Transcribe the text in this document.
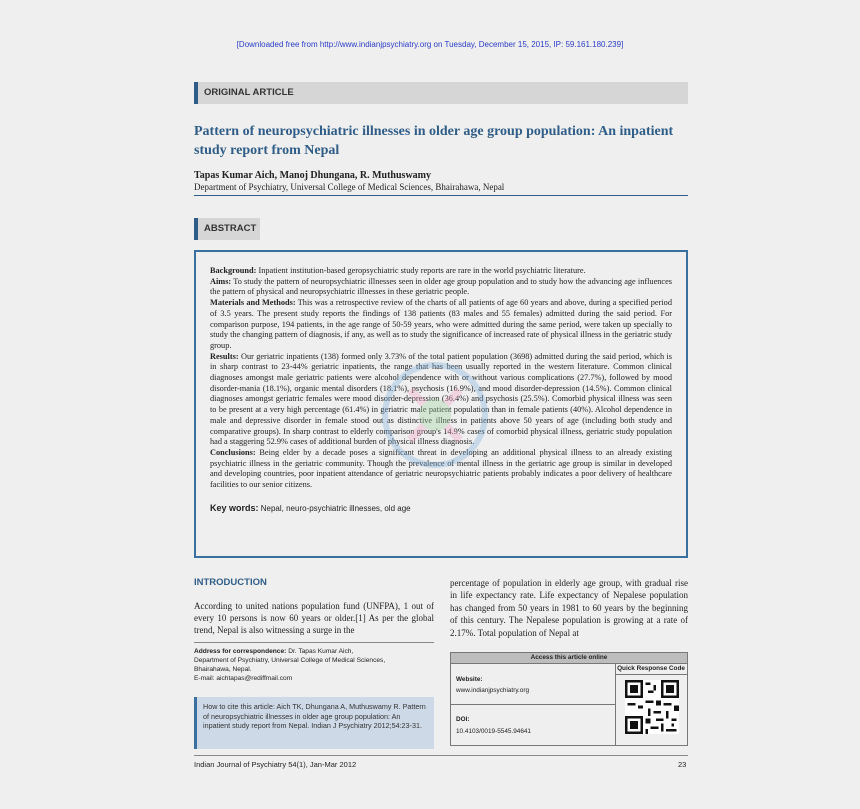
[Downloaded free from http://www.indianjpsychiatry.org on Tuesday, December 15, 2015, IP: 59.161.180.239]
ORIGINAL ARTICLE
Pattern of neuropsychiatric illnesses in older age group population: An inpatient study report from Nepal
Tapas Kumar Aich, Manoj Dhungana, R. Muthuswamy
Department of Psychiatry, Universal College of Medical Sciences, Bhairahawa, Nepal
ABSTRACT

Background: Inpatient institution-based geropsychiatric study reports are rare in the world psychiatric literature.

Aims: To study the pattern of neuropsychiatric illnesses seen in older age group population and to study how the advancing age influences the pattern of physical and neuropsychiatric illnesses in these geriatric people.

Materials and Methods: This was a retrospective review of the charts of all patients of age 60 years and above, during a specified period of 3.5 years. The present study reports the findings of 138 patients (83 males and 55 females) admitted during the said period. For comparison purpose, 194 patients, in the age range of 50-59 years, who were admitted during the same period, were taken up specially to study the changing pattern of diagnosis, if any, as well as to study the significance of increased rate of physical illness in the geriatric study group.

Results: Our geriatric inpatients (138) formed only 3.73% of the total patient population (3698) admitted during the said period, which is in sharp contrast to 23-44% geriatric inpatients, the range that has been usually reported in the western literature. Common clinical diagnoses amongst male geriatric patients were alcohol dependence with or without various complications (27.7%), followed by mood disorder-mania (18.1%), organic mental disorders (18.1%), psychosis (16.9%), and mood disorder-depression (14.5%). Common clinical diagnoses amongst geriatric females were mood disorder-depression (36.4%) and psychosis (25.5%). Comorbid physical illness was seen to be present at a very high percentage (61.4%) in geriatric male patient population than in female patients (40%). Alcohol dependence in male and depressive disorder in female stood out as distinctive illness in patients above 50 years of age (including both study and comparative groups). In sharp contrast to elderly comparison group's 14.9% cases of comorbid physical illness, geriatric study population had a staggering 52.9% cases of additional burden of physical illness diagnosis.

Conclusions: Being elder by a decade poses a significant threat in developing an additional physical illness to an already existing psychiatric illness in the geriatric community. Though the prevalence of mental illness in the geriatric age group is similar in developed and developing countries, poor inpatient attendance of geriatric neuropsychiatric patients probably indicates a poor delivery of healthcare facilities to our senior citizens.

Key words: Nepal, neuro-psychiatric illnesses, old age

INTRODUCTION
According to united nations population fund (UNFPA), 1 out of every 10 persons is now 60 years or older.[1] As per the global trend, Nepal is also witnessing a surge in the
percentage of population in elderly age group, with gradual rise in life expectancy rate. Life expectancy of Nepalese population has changed from 50 years in 1981 to 60 years by the beginning of this century. The Nepalese population is growing at a rate of 2.17%. Total population of Nepal at
Address for correspondence: Dr. Tapas Kumar Aich,
Department of Psychiatry, Universal College of Medical Sciences,
Bhairahawa, Nepal.
E-mail: aichtapas@rediffmail.com
How to cite this article: Aich TK, Dhungana A, Muthuswamy R. Pattern of neuropsychiatric illnesses in older age group population: An inpatient study report from Nepal. Indian J Psychiatry 2012;54:23-31.
Access this article online
Website:
www.indianjpsychiatry.org
DOI:
10.4103/0019-5545.94641
Quick Response Code
Indian Journal of Psychiatry 54(1), Jan-Mar 2012	23
